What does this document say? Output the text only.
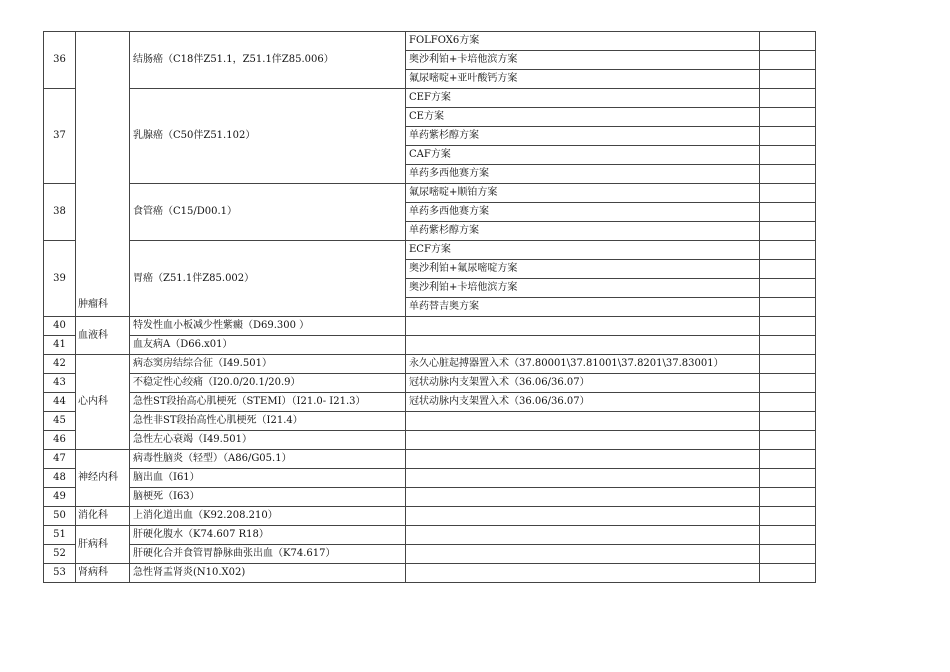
36	肿瘤科	结肠癌（C18伴Z51.1，Z51.1伴Z85.006）	FOLFOX6方案	
			奥沙利铂+卡培他滨方案	
			氟尿嘧啶+亚叶酸钙方案	
37		乳腺癌（C50伴Z51.102）	CEF方案	
			CE方案	
			单药紫杉醇方案	
			CAF方案	
			单药多西他赛方案	
38		食管癌（C15/D00.1）	氟尿嘧啶+顺铂方案	
			单药多西他赛方案	
			单药紫杉醇方案	
39		胃癌（Z51.1伴Z85.002）	ECF方案	
			奥沙利铂+氟尿嘧啶方案	
			奥沙利铂+卡培他滨方案	
			单药替吉奥方案	
40	血液科	特发性血小板减少性紫癜（D69.300 ）		
41		血友病A（D66.x01）		
42	心内科	病态窦房结综合征（I49.501）	永久心脏起搏器置入术（37.80001\37.81001\37.8201\37.83001）	
43		不稳定性心绞痛（I20.0/20.1/20.9）	冠状动脉内支架置入术（36.06/36.07）	
44		急性ST段抬高心肌梗死（STEMI）（I21.0- I21.3）	冠状动脉内支架置入术（36.06/36.07）	
45		急性非ST段抬高性心肌梗死（I21.4）		
46		急性左心衰竭（I49.501）		
47	神经内科	病毒性脑炎（轻型）（A86/G05.1）		
48		脑出血（I61）		
49		脑梗死（I63）		
50	消化科	上消化道出血（K92.208.210）		
51	肝病科	肝硬化腹水（K74.607 R18）		
52		肝硬化合并食管胃静脉曲张出血（K74.617）		
53	肾病科	急性肾盂肾炎(N10.X02)		
